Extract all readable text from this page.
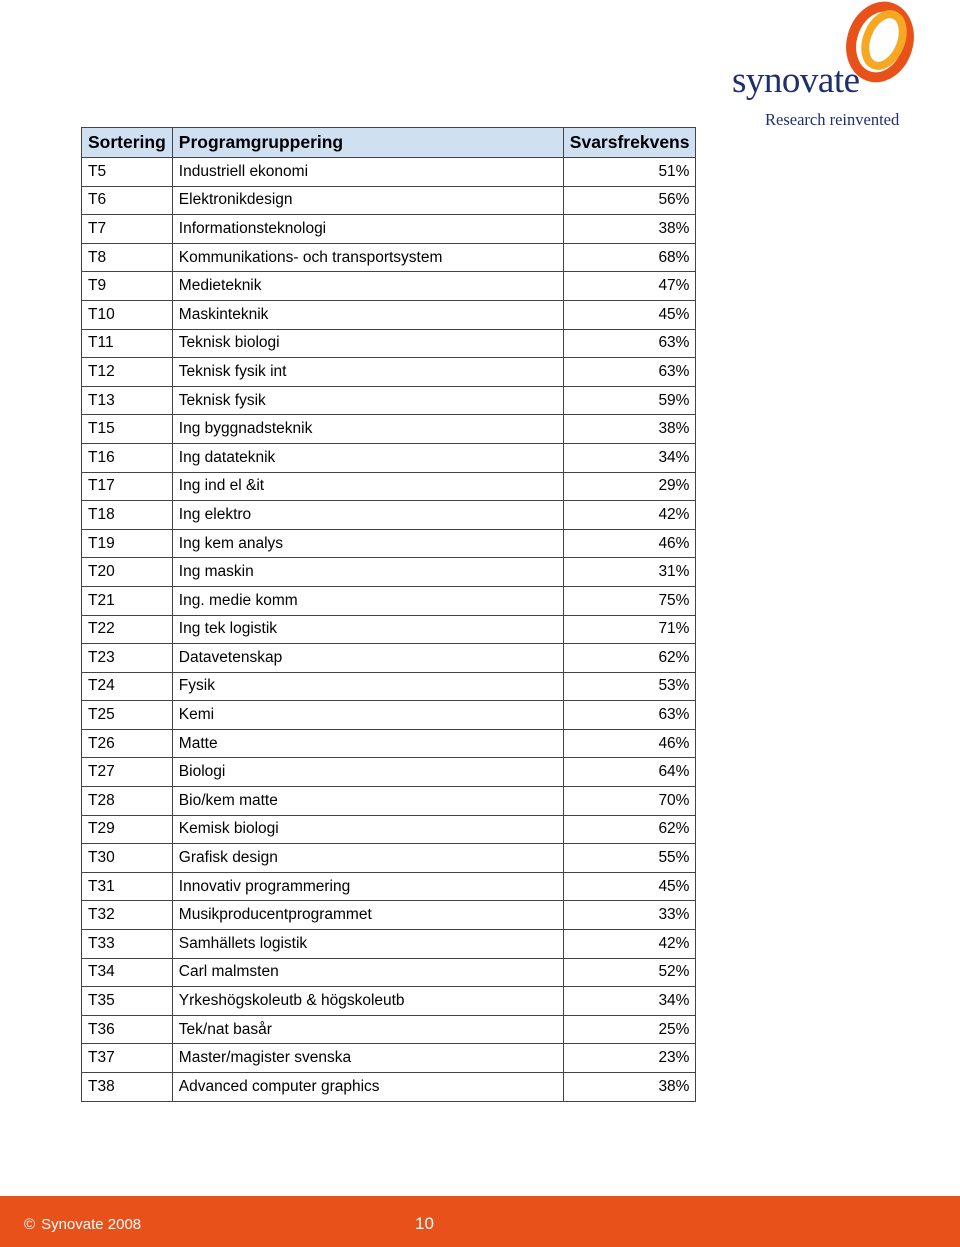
synovate
Research reinvented
Sortering	Programgruppering	Svarsfrekvens
T5	Industriell ekonomi	51%
T6	Elektronikdesign	56%
T7	Informationsteknologi	38%
T8	Kommunikations- och transportsystem	68%
T9	Medieteknik	47%
T10	Maskinteknik	45%
T11	Teknisk biologi	63%
T12	Teknisk fysik int	63%
T13	Teknisk fysik	59%
T15	Ing byggnadsteknik	38%
T16	Ing datateknik	34%
T17	Ing ind el &it	29%
T18	Ing elektro	42%
T19	Ing kem analys	46%
T20	Ing maskin	31%
T21	Ing. medie komm	75%
T22	Ing tek logistik	71%
T23	Datavetenskap	62%
T24	Fysik	53%
T25	Kemi	63%
T26	Matte	46%
T27	Biologi	64%
T28	Bio/kem matte	70%
T29	Kemisk biologi	62%
T30	Grafisk design	55%
T31	Innovativ programmering	45%
T32	Musikproducentprogrammet	33%
T33	Samhällets logistik	42%
T34	Carl malmsten	52%
T35	Yrkeshögskoleutb & högskoleutb	34%
T36	Tek/nat basår	25%
T37	Master/magister svenska	23%
T38	Advanced computer graphics	38%
© Synovate 2008	10
